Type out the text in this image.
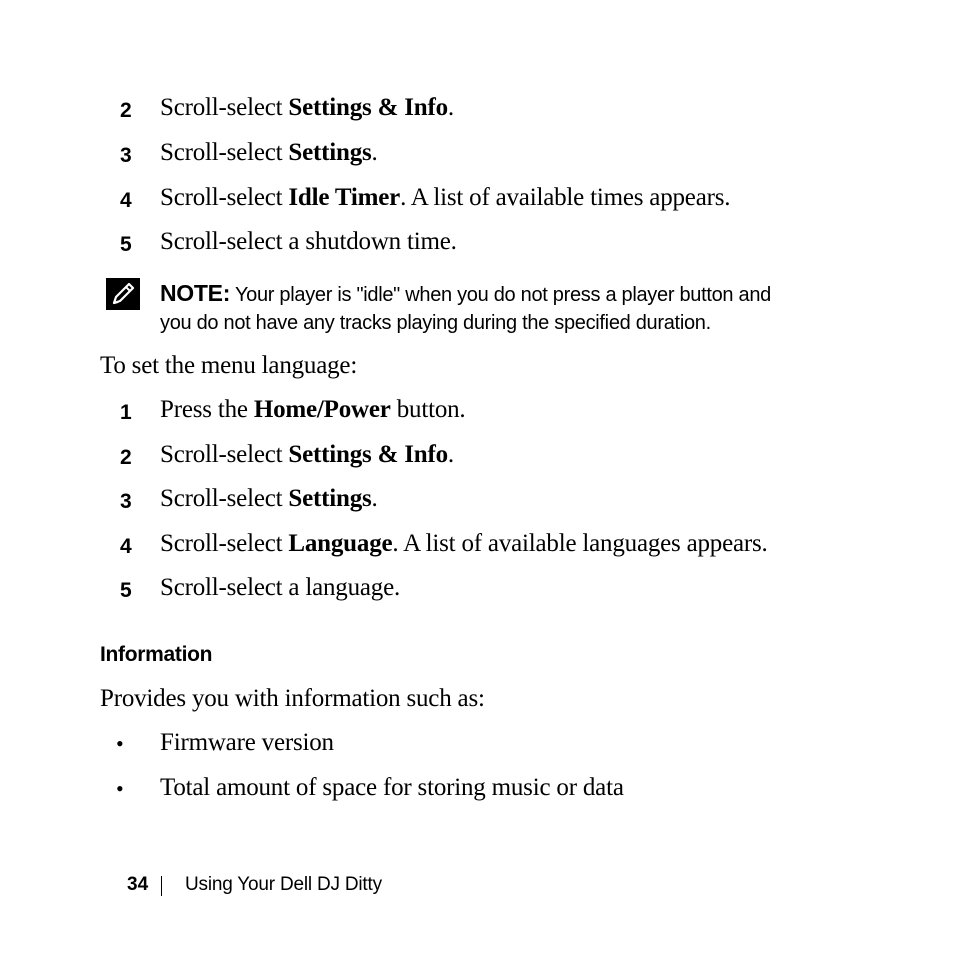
2 Scroll-select Settings & Info.
3 Scroll-select Settings.
4 Scroll-select Idle Timer. A list of available times appears.
5 Scroll-select a shutdown time.
NOTE: Your player is "idle" when you do not press a player button and
you do not have any tracks playing during the specified duration.
To set the menu language:
1 Press the Home/Power button.
2 Scroll-select Settings & Info.
3 Scroll-select Settings.
4 Scroll-select Language. A list of available languages appears.
5 Scroll-select a language.
Information
Provides you with information such as:
• Firmware version
• Total amount of space for storing music or data
34 Using Your Dell DJ Ditty
